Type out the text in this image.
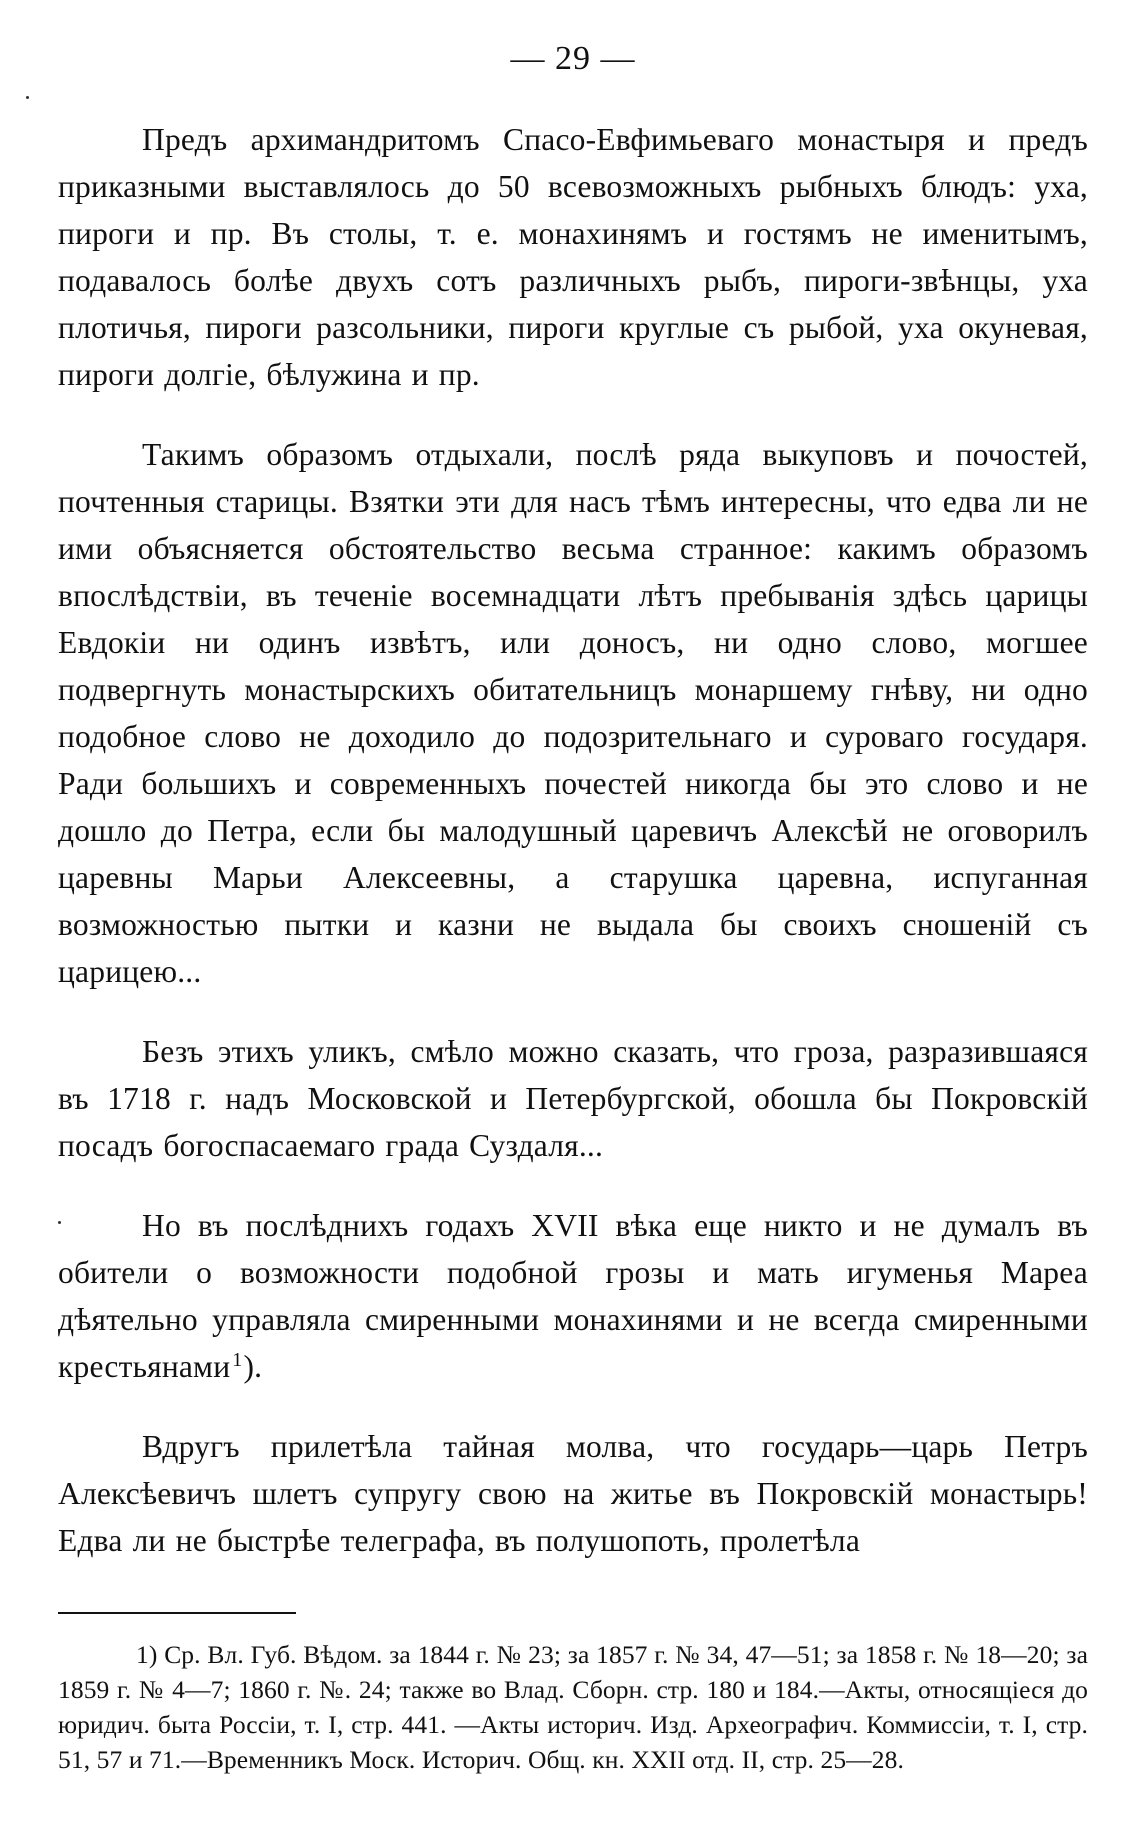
— 29 —

Предъ архимандритомъ Спасо-Евфимьеваго монастыря и предъ приказными выставлялось до 50 всевозможныхъ рыбныхъ блюдъ: уха, пироги и пр. Въ столы, т. е. монахинямъ и гостямъ не именитымъ, подавалось болѣе двухъ сотъ различныхъ рыбъ, пироги-звѣнцы, уха плотичья, пироги разсольники, пироги круглые съ рыбой, уха окуневая, пироги долгіе, бѣлужина и пр.

Такимъ образомъ отдыхали, послѣ ряда выкуповъ и почостей, почтенныя старицы. Взятки эти для насъ тѣмъ интересны, что едва ли не ими объясняется обстоятельство весьма странное: какимъ образомъ впослѣдствіи, въ теченіе восемнадцати лѣтъ пребыванія здѣсь царицы Евдокіи ни одинъ извѣтъ, или доносъ, ни одно слово, могшее подвергнуть монастырскихъ обитательницъ монаршему гнѣву, ни одно подобное слово не доходило до подозрительнаго и суроваго государя. Ради большихъ и современныхъ почестей никогда бы это слово и не дошло до Петра, если бы малодушный царевичъ Алексѣй не оговорилъ царевны Марьи Алексеевны, а старушка царевна, испуганная возможностью пытки и казни не выдала бы своихъ сношеній съ царицею...

Безъ этихъ уликъ, смѣло можно сказать, что гроза, разразившаяся въ 1718 г. надъ Московской и Петербургской, обошла бы Покровскій посадъ богоспасаемаго града Суздаля...

Но въ послѣднихъ годахъ XVII вѣка еще никто и не думалъ въ обители о возможности подобной грозы и мать игуменья Мареа дѣятельно управляла смиренными монахинями и не всегда смиренными крестьянами $^1$).

Вдругъ прилетѣла тайная молва, что государь—царь Петръ Алексѣевичъ шлетъ супругу свою на житье въ Покровскій монастырь! Едва ли не быстрѣе телеграфа, въ полушопоть, пролетѣла

1) Ср. Вл. Губ. Вѣдом. за 1844 г. № 23; за 1857 г. № 34, 47—51; за 1858 г. № 18—20; за 1859 г. № 4—7; 1860 г. №. 24; также во Влад. Сборн. стр. 180 и 184.—Акты, относящіеся до юридич. быта Россіи, т. I, стр. 441. —Акты историч. Изд. Археографич. Коммиссіи, т. I, стр. 51, 57 и 71.—Временникъ Моск. Историч. Общ. кн. XXII отд. II, стр. 25—28.
